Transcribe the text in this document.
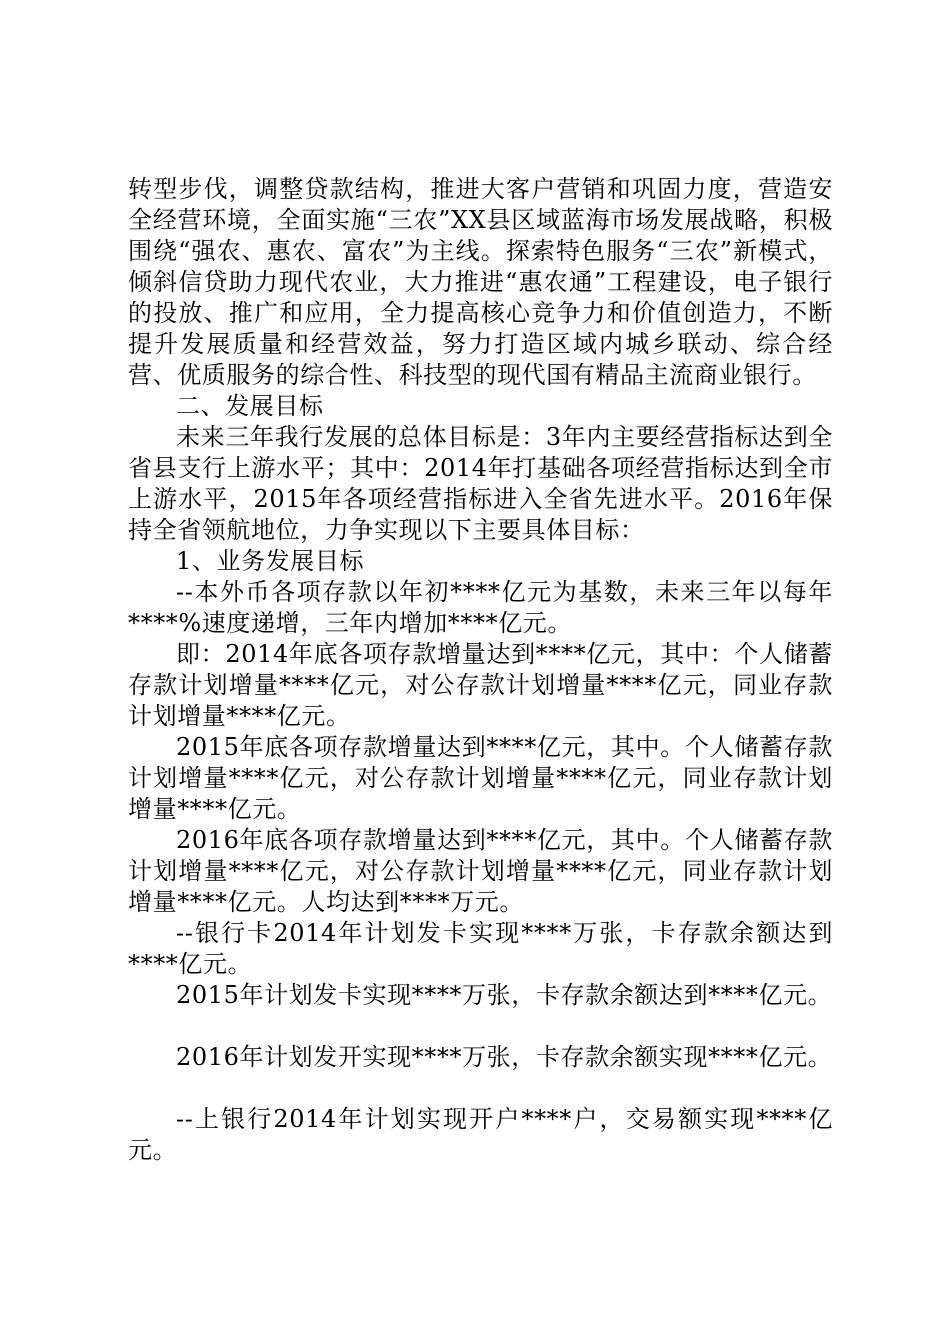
转型步伐，调整贷款结构，推进大客户营销和巩固力度，营造安全经营环境，全面实施“三农”XX县区域蓝海市场发展战略，积极围绕“强农、惠农、富农”为主线。探索特色服务“三农”新模式，倾斜信贷助力现代农业，大力推进“惠农通”工程建设，电子银行的投放、推广和应用，全力提高核心竞争力和价值创造力，不断提升发展质量和经营效益，努力打造区域内城乡联动、综合经营、优质服务的综合性、科技型的现代国有精品主流商业银行。

二、发展目标

未来三年我行发展的总体目标是：3年内主要经营指标达到全省县支行上游水平；其中：2014年打基础各项经营指标达到全市上游水平，2015年各项经营指标进入全省先进水平。2016年保持全省领航地位，力争实现以下主要具体目标：

1、业务发展目标

--本外币各项存款以年初****亿元为基数，未来三年以每年****%速度递增，三年内增加****亿元。

即：2014年底各项存款增量达到****亿元，其中：个人储蓄存款计划增量****亿元，对公存款计划增量****亿元，同业存款计划增量****亿元。

2015年底各项存款增量达到****亿元，其中。个人储蓄存款计划增量****亿元，对公存款计划增量****亿元，同业存款计划增量****亿元。

2016年底各项存款增量达到****亿元，其中。个人储蓄存款计划增量****亿元，对公存款计划增量****亿元，同业存款计划增量****亿元。人均达到****万元。

--银行卡2014年计划发卡实现****万张，卡存款余额达到****亿元。

2015年计划发卡实现****万张，卡存款余额达到****亿元。

2016年计划发开实现****万张，卡存款余额实现****亿元。

--上银行2014年计划实现开户****户，交易额实现****亿元。
